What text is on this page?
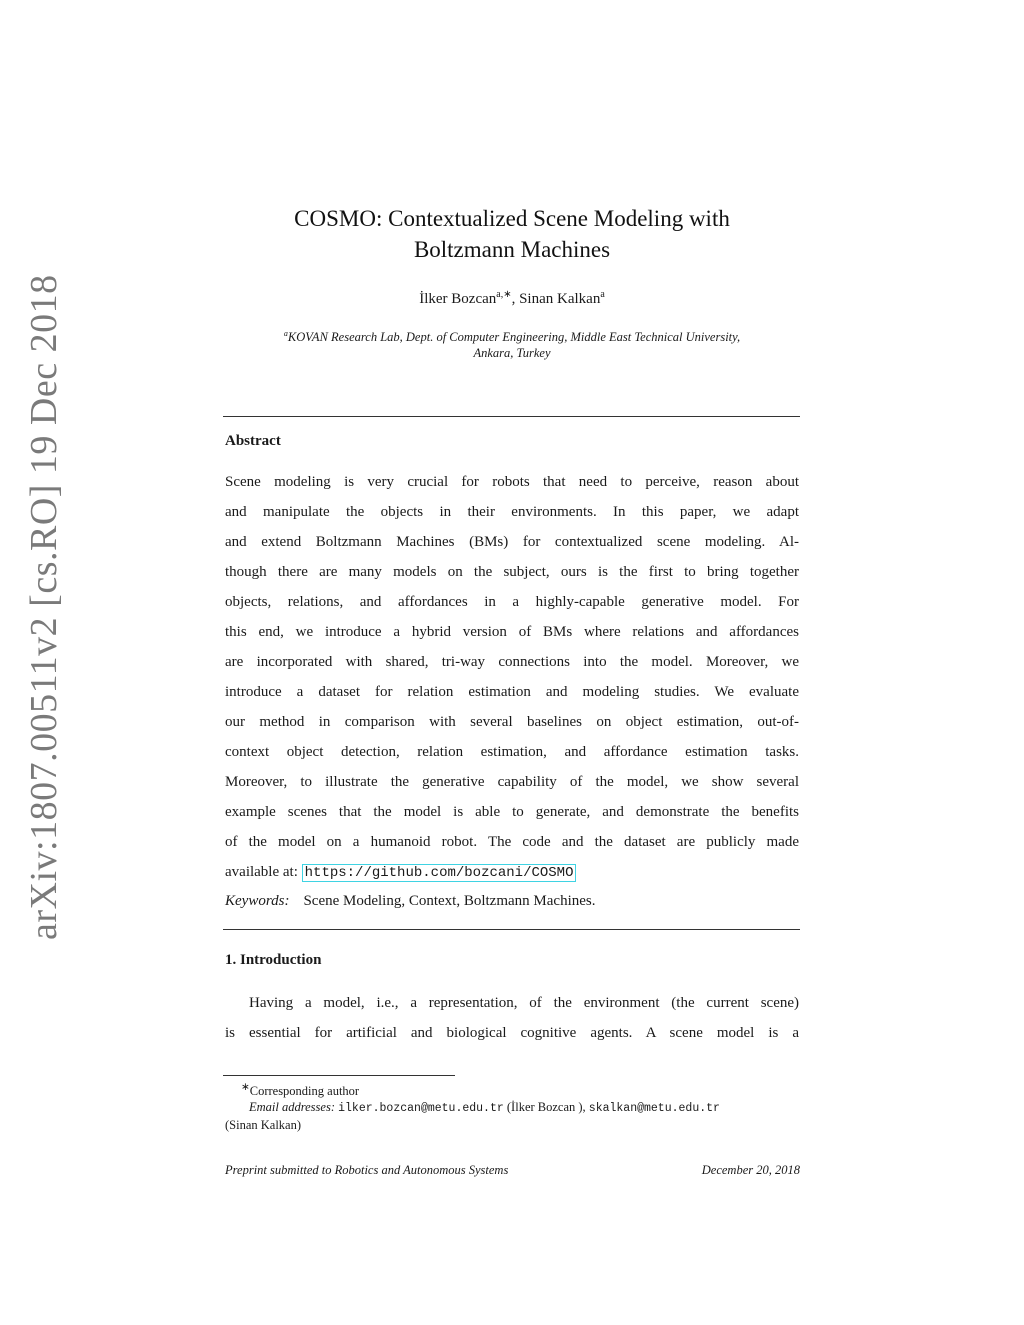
arXiv:1807.00511v2 [cs.RO] 19 Dec 2018
COSMO: Contextualized Scene Modeling with
Boltzmann Machines
İlker Bozcan$^{a,∗}$, Sinan Kalkan$^a$
$^a$KOVAN Research Lab, Dept. of Computer Engineering, Middle East Technical University,
Ankara, Turkey
Abstract
Scene modeling is very crucial for robots that need to perceive, reason about
and manipulate the objects in their environments. In this paper, we adapt
and extend Boltzmann Machines (BMs) for contextualized scene modeling. Al-
though there are many models on the subject, ours is the first to bring together
objects, relations, and affordances in a highly-capable generative model. For
this end, we introduce a hybrid version of BMs where relations and affordances
are incorporated with shared, tri-way connections into the model. Moreover, we
introduce a dataset for relation estimation and modeling studies. We evaluate
our method in comparison with several baselines on object estimation, out-of-
context object detection, relation estimation, and affordance estimation tasks.
Moreover, to illustrate the generative capability of the model, we show several
example scenes that the model is able to generate, and demonstrate the benefits
of the model on a humanoid robot. The code and the dataset are publicly made
available at: https://github.com/bozcani/COSMO
Keywords: Scene Modeling, Context, Boltzmann Machines.
1. Introduction
Having a model, i.e., a representation, of the environment (the current scene)
is essential for artificial and biological cognitive agents. A scene model is a
∗Corresponding author
Email addresses: ilker.bozcan@metu.edu.tr (İlker Bozcan ), skalkan@metu.edu.tr
(Sinan Kalkan)
Preprint submitted to Robotics and Autonomous Systems	December 20, 2018
